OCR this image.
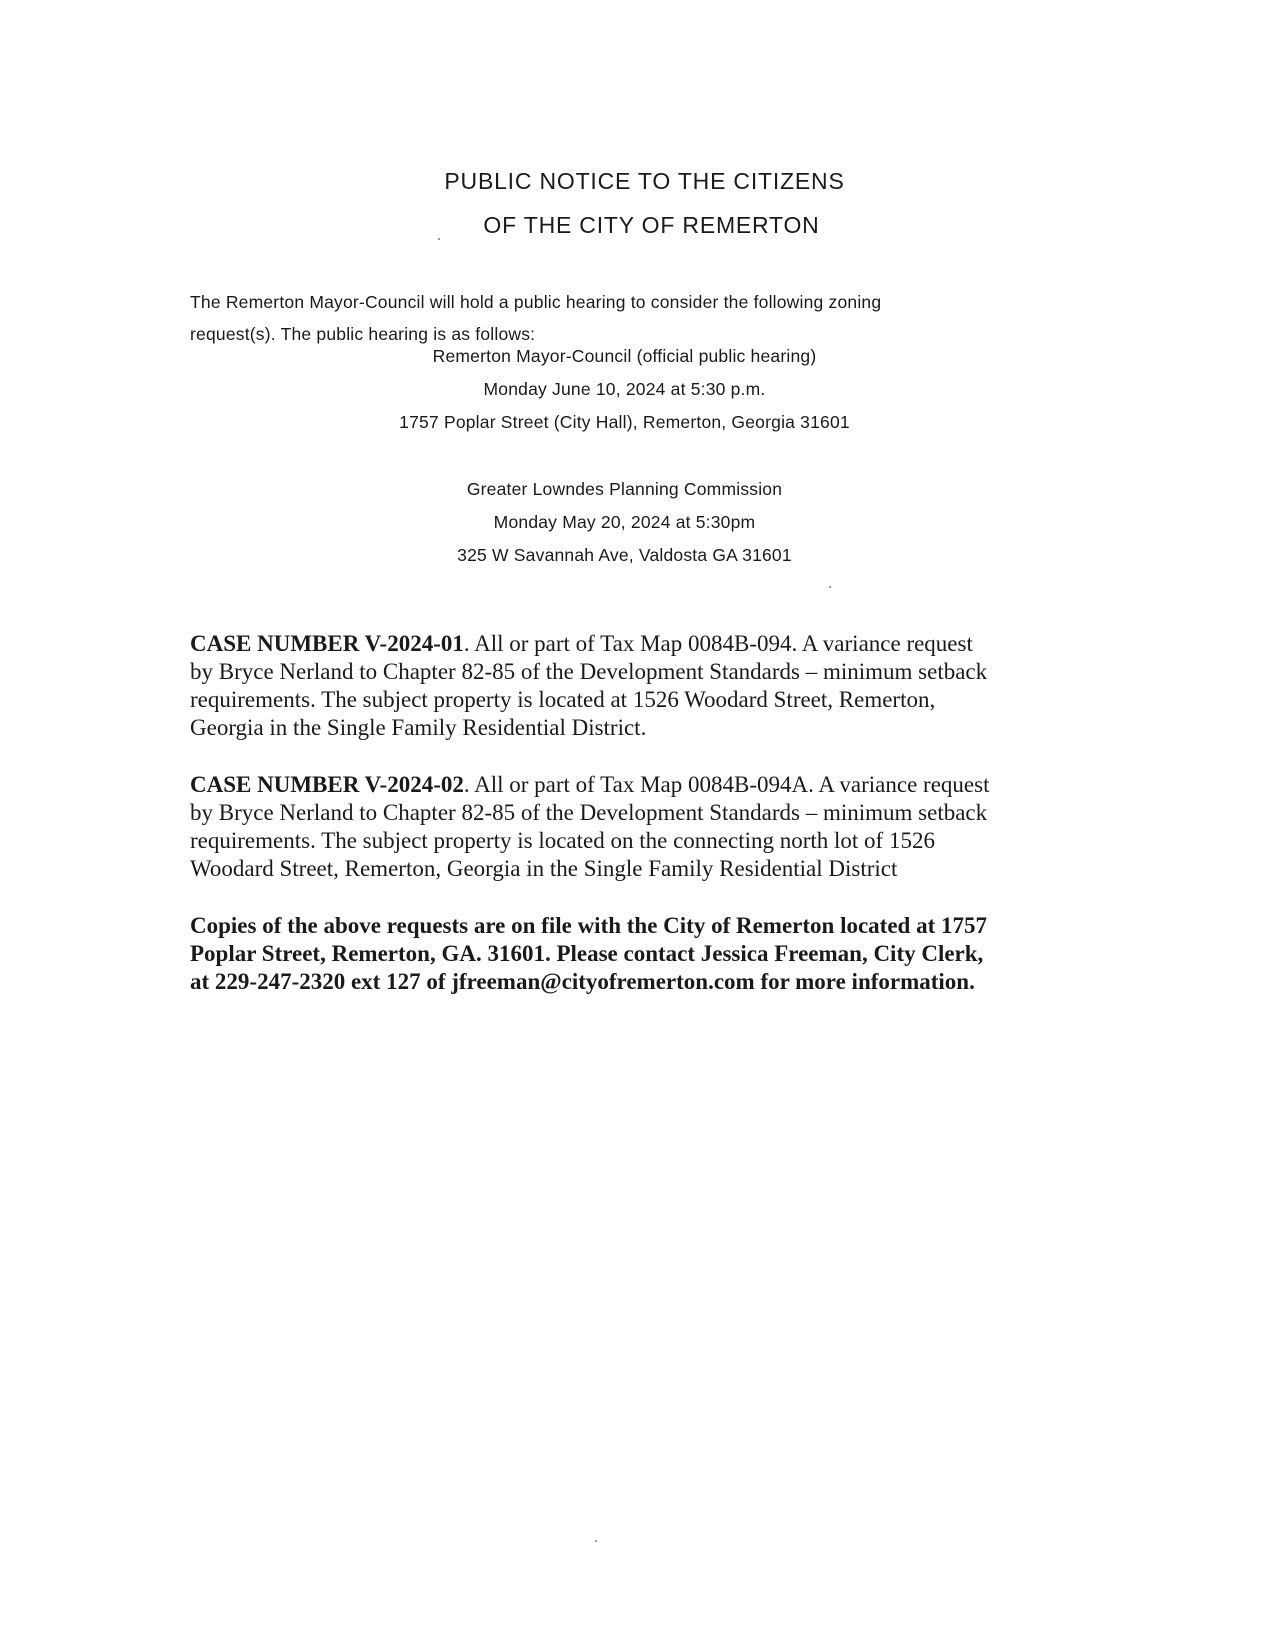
PUBLIC NOTICE TO THE CITIZENS
OF THE CITY OF REMERTON
The Remerton Mayor-Council will hold a public hearing to consider the following zoning
request(s). The public hearing is as follows:
Remerton Mayor-Council (official public hearing)
Monday June 10, 2024 at 5:30 p.m.
1757 Poplar Street (City Hall), Remerton, Georgia 31601
Greater Lowndes Planning Commission
Monday May 20, 2024 at 5:30pm
325 W Savannah Ave, Valdosta GA 31601
CASE NUMBER V-2024-01. All or part of Tax Map 0084B-094. A variance request
by Bryce Nerland to Chapter 82-85 of the Development Standards – minimum setback
requirements. The subject property is located at 1526 Woodard Street, Remerton,
Georgia in the Single Family Residential District.
CASE NUMBER V-2024-02. All or part of Tax Map 0084B-094A. A variance request
by Bryce Nerland to Chapter 82-85 of the Development Standards – minimum setback
requirements. The subject property is located on the connecting north lot of 1526
Woodard Street, Remerton, Georgia in the Single Family Residential District
Copies of the above requests are on file with the City of Remerton located at 1757
Poplar Street, Remerton, GA. 31601. Please contact Jessica Freeman, City Clerk,
at 229-247-2320 ext 127 of jfreeman@cityofremerton.com for more information.
